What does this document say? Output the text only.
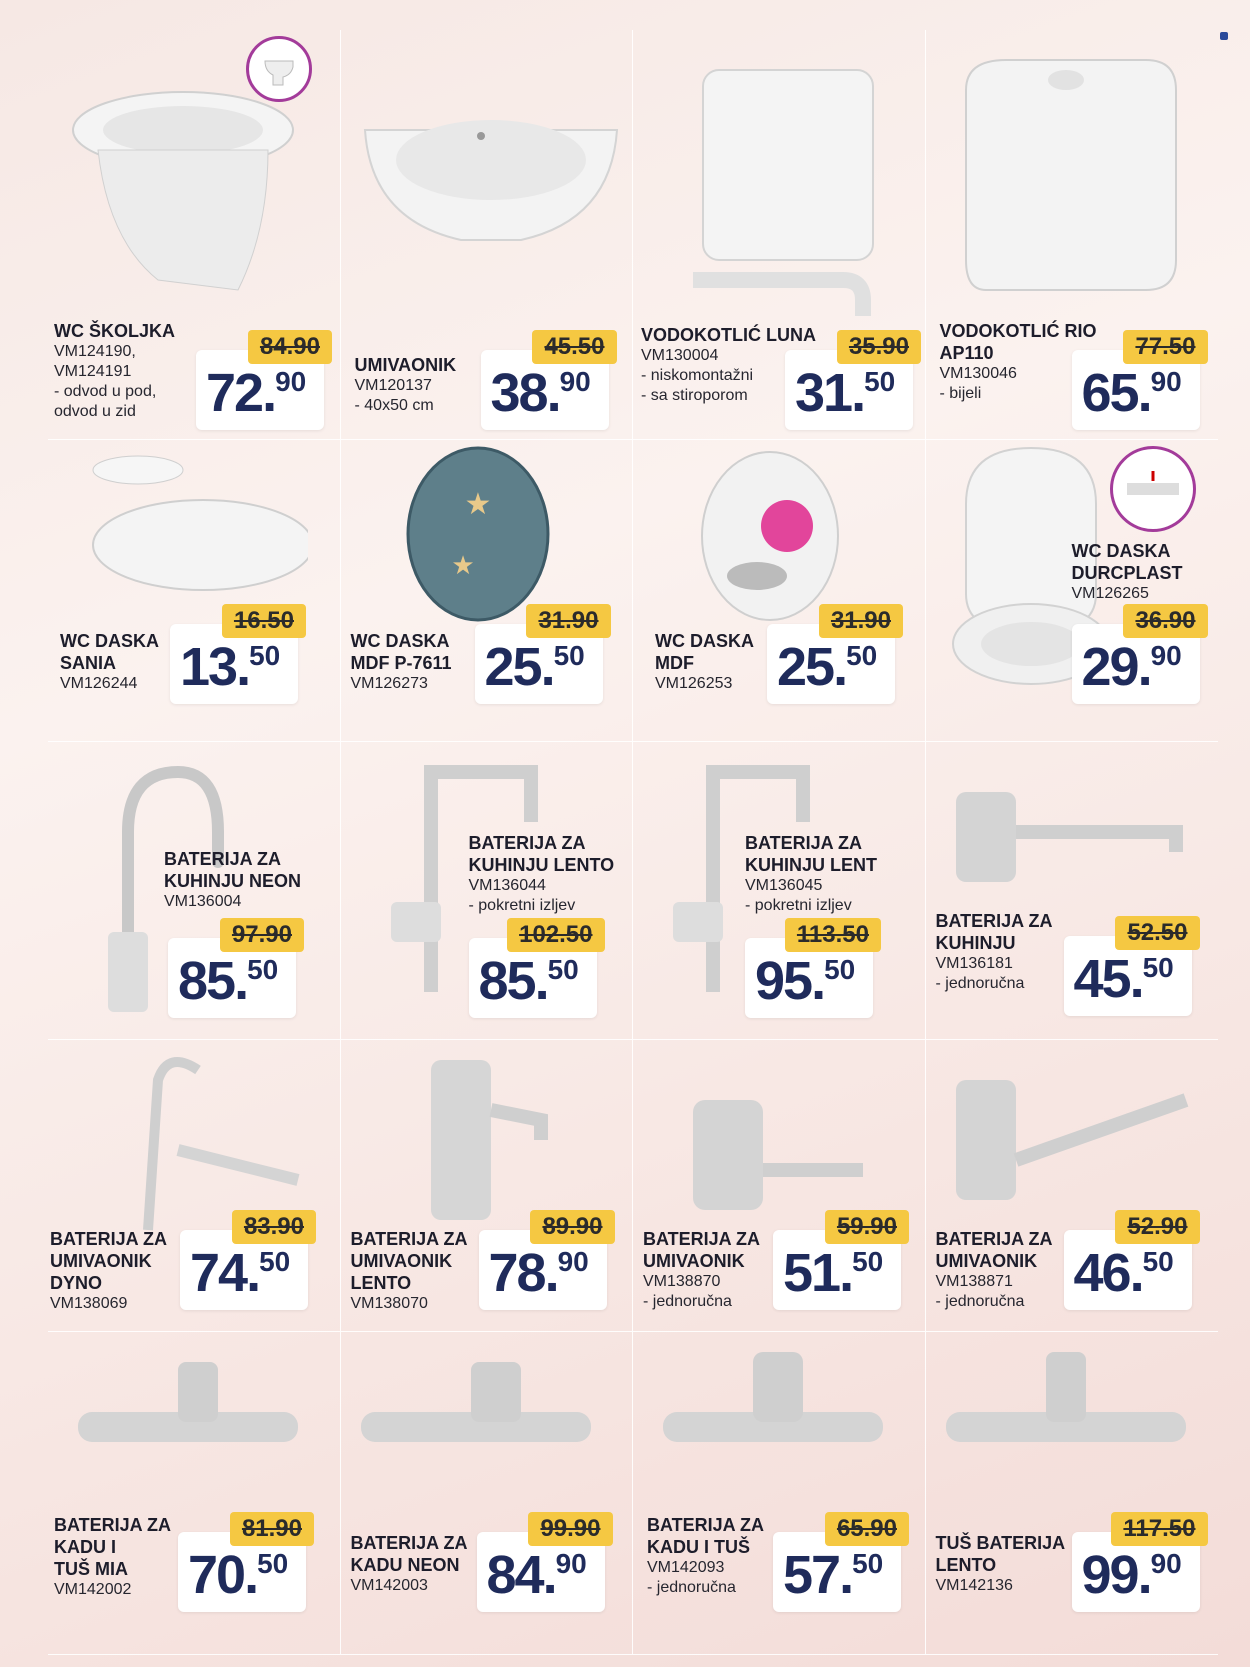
WC ŠKOLJKA
VM124190,
VM124191
- odvod u pod,
odvod u zid
84.90
72.90
UMIVAONIK
VM120137
- 40x50 cm
45.50
38.90
VODOKOTLIĆ LUNA
VM130004
- niskomontažni
- sa stiroporom
35.90
31.50
VODOKOTLIĆ RIO
AP110
VM130046
- bijeli
77.50
65.90
WC DASKA
SANIA
VM126244
16.50
13.50
★
★
WC DASKA
MDF P-7611
VM126273
31.90
25.50	WC DASKA
MDF
VM126253
31.90
25.50
WC DASKA
DURCPLAST
VM126265
36.90
29.90
BATERIJA ZA
KUHINJU NEON
VM136004
97.90
85.50
BATERIJA ZA
KUHINJU LENTO
VM136044
- pokretni izljev
102.50
85.50
BATERIJA ZA
KUHINJU LENT
VM136045
- pokretni izljev
113.50
95.50
BATERIJA ZA
KUHINJU
VM136181
- jednoručna
52.50
45.50
BATERIJA ZA
UMIVAONIK
DYNO
VM138069
83.90
74.50
BATERIJA ZA
UMIVAONIK
LENTO
VM138070
89.90
78.90
BATERIJA ZA
UMIVAONIK
VM138870
- jednoručna
59.90
51.50
BATERIJA ZA
UMIVAONIK
VM138871
- jednoručna
52.90
46.50
BATERIJA ZA
KADU I
TUŠ MIA
VM142002
81.90
70.50
BATERIJA ZA
KADU NEON
VM142003
99.90
84.90
BATERIJA ZA
KADU I TUŠ
VM142093
- jednoručna
65.90
57.50
TUŠ BATERIJA
LENTO
VM142136
117.50
99.90
